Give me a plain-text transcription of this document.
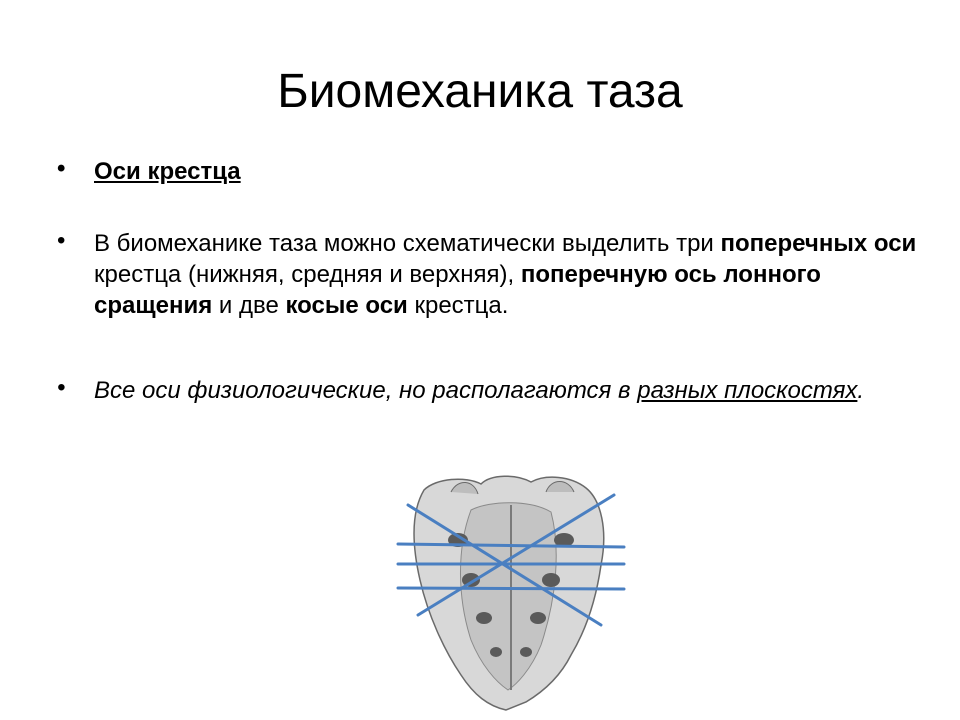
Биомеханика таза
• Оси крестца
• В биомеханике таза можно схематически выделить три поперечных оси крестца (нижняя, средняя и верхняя), поперечную ось лонного сращения и две косые оси крестца.
• Все оси физиологические, но располагаются в разных плоскостях.
